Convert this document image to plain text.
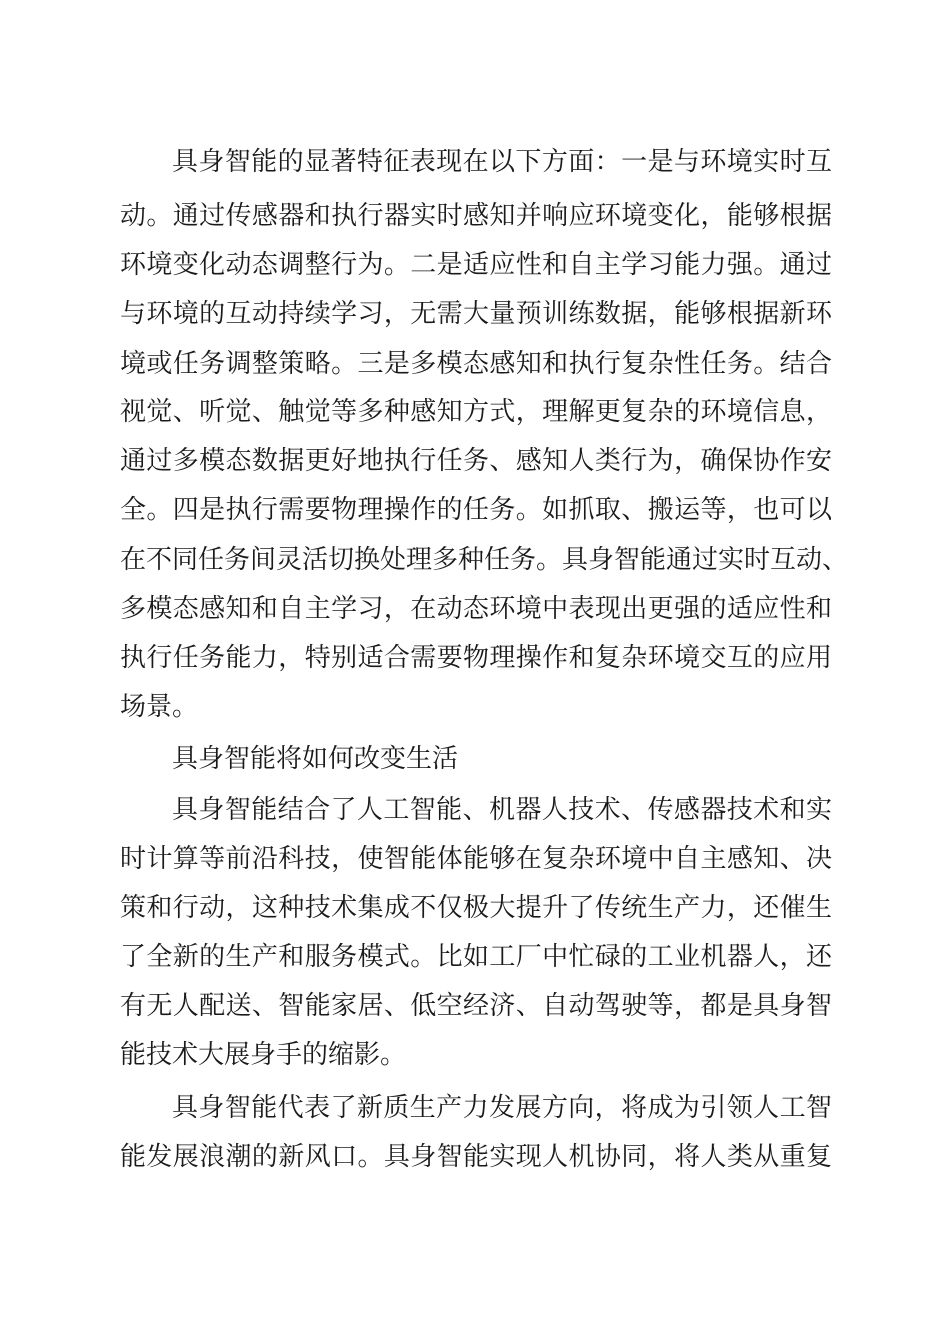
具身智能的显著特征表现在以下方面：一是与环境实时互
动。通过传感器和执行器实时感知并响应环境变化，能够根据
环境变化动态调整行为。二是适应性和自主学习能力强。通过
与环境的互动持续学习，无需大量预训练数据，能够根据新环
境或任务调整策略。三是多模态感知和执行复杂性任务。结合
视觉、听觉、触觉等多种感知方式，理解更复杂的环境信息，
通过多模态数据更好地执行任务、感知人类行为，确保协作安
全。四是执行需要物理操作的任务。如抓取、搬运等，也可以
在不同任务间灵活切换处理多种任务。具身智能通过实时互动、
多模态感知和自主学习，在动态环境中表现出更强的适应性和
执行任务能力，特别适合需要物理操作和复杂环境交互的应用
场景。
具身智能将如何改变生活
具身智能结合了人工智能、机器人技术、传感器技术和实
时计算等前沿科技，使智能体能够在复杂环境中自主感知、决
策和行动，这种技术集成不仅极大提升了传统生产力，还催生
了全新的生产和服务模式。比如工厂中忙碌的工业机器人，还
有无人配送、智能家居、低空经济、自动驾驶等，都是具身智
能技术大展身手的缩影。
具身智能代表了新质生产力发展方向，将成为引领人工智
能发展浪潮的新风口。具身智能实现人机协同，将人类从重复
